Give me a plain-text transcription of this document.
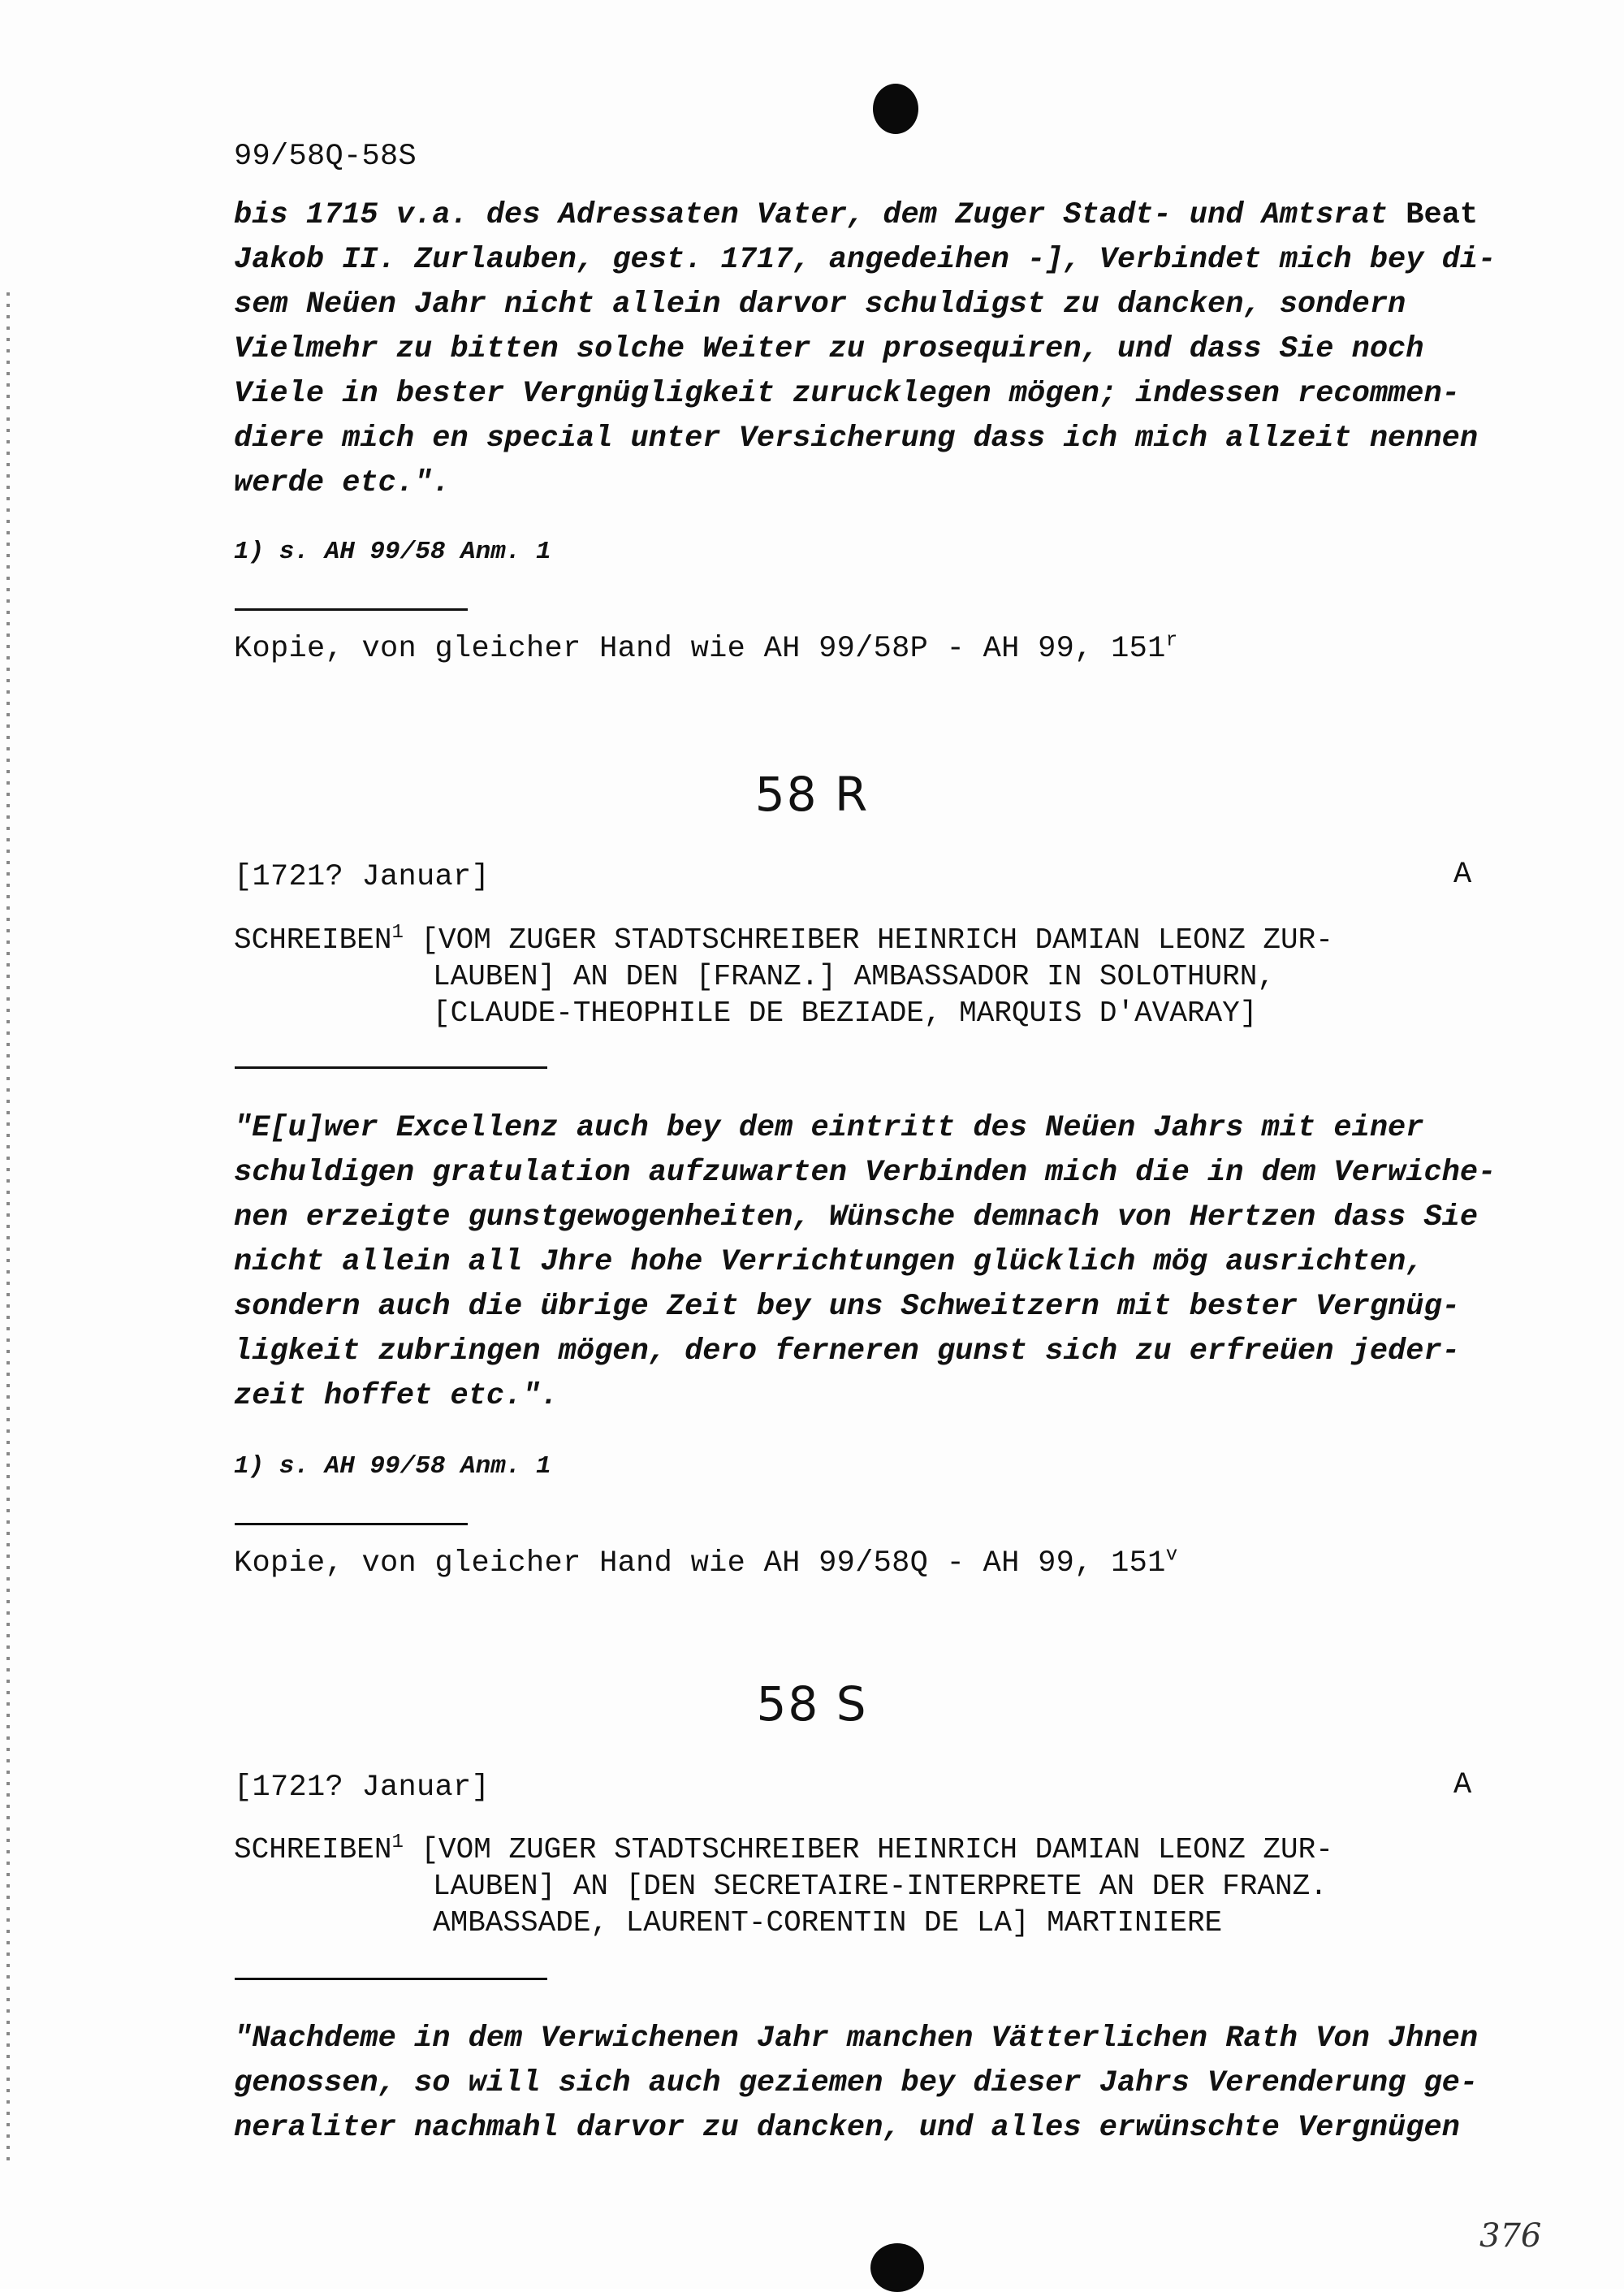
99/58Q-58S
bis 1715 v.a. des Adressaten Vater, dem Zuger Stadt- und Amtsrat Beat
Jakob II. Zurlauben, gest. 1717, angedeihen -], Verbindet mich bey di-
sem Neüen Jahr nicht allein darvor schuldigst zu dancken, sondern
Vielmehr zu bitten solche Weiter zu prosequiren, und dass Sie noch
Viele in bester Vergnügligkeit zurucklegen mögen; indessen recommen-
diere mich en special unter Versicherung dass ich mich allzeit nennen
werde etc.".
1) s. AH 99/58 Anm. 1
Kopie, von gleicher Hand wie AH 99/58P - AH 99, 151$^r$
58 R
[1721? Januar]	A
SCHREIBEN$^1$ [VOM ZUGER STADTSCHREIBER HEINRICH DAMIAN LEONZ ZUR-
LAUBEN] AN DEN [FRANZ.] AMBASSADOR IN SOLOTHURN,
[CLAUDE-THEOPHILE DE BEZIADE, MARQUIS D'AVARAY]
"E[u]wer Excellenz auch bey dem eintritt des Neüen Jahrs mit einer
schuldigen gratulation aufzuwarten Verbinden mich die in dem Verwiche-
nen erzeigte gunstgewogenheiten, Wünsche demnach von Hertzen dass Sie
nicht allein all Jhre hohe Verrichtungen glücklich mög ausrichten,
sondern auch die übrige Zeit bey uns Schweitzern mit bester Vergnüg-
ligkeit zubringen mögen, dero ferneren gunst sich zu erfreüen jeder-
zeit hoffet etc.".
1) s. AH 99/58 Anm. 1
Kopie, von gleicher Hand wie AH 99/58Q - AH 99, 151$^v$
58 S
[1721? Januar]	A
SCHREIBEN$^1$ [VOM ZUGER STADTSCHREIBER HEINRICH DAMIAN LEONZ ZUR-
LAUBEN] AN [DEN SECRETAIRE-INTERPRETE AN DER FRANZ.
AMBASSADE, LAURENT-CORENTIN DE LA] MARTINIERE
"Nachdeme in dem Verwichenen Jahr manchen Vätterlichen Rath Von Jhnen
genossen, so will sich auch geziemen bey dieser Jahrs Verenderung ge-
neraliter nachmahl darvor zu dancken, und alles erwünschte Vergnügen
376
